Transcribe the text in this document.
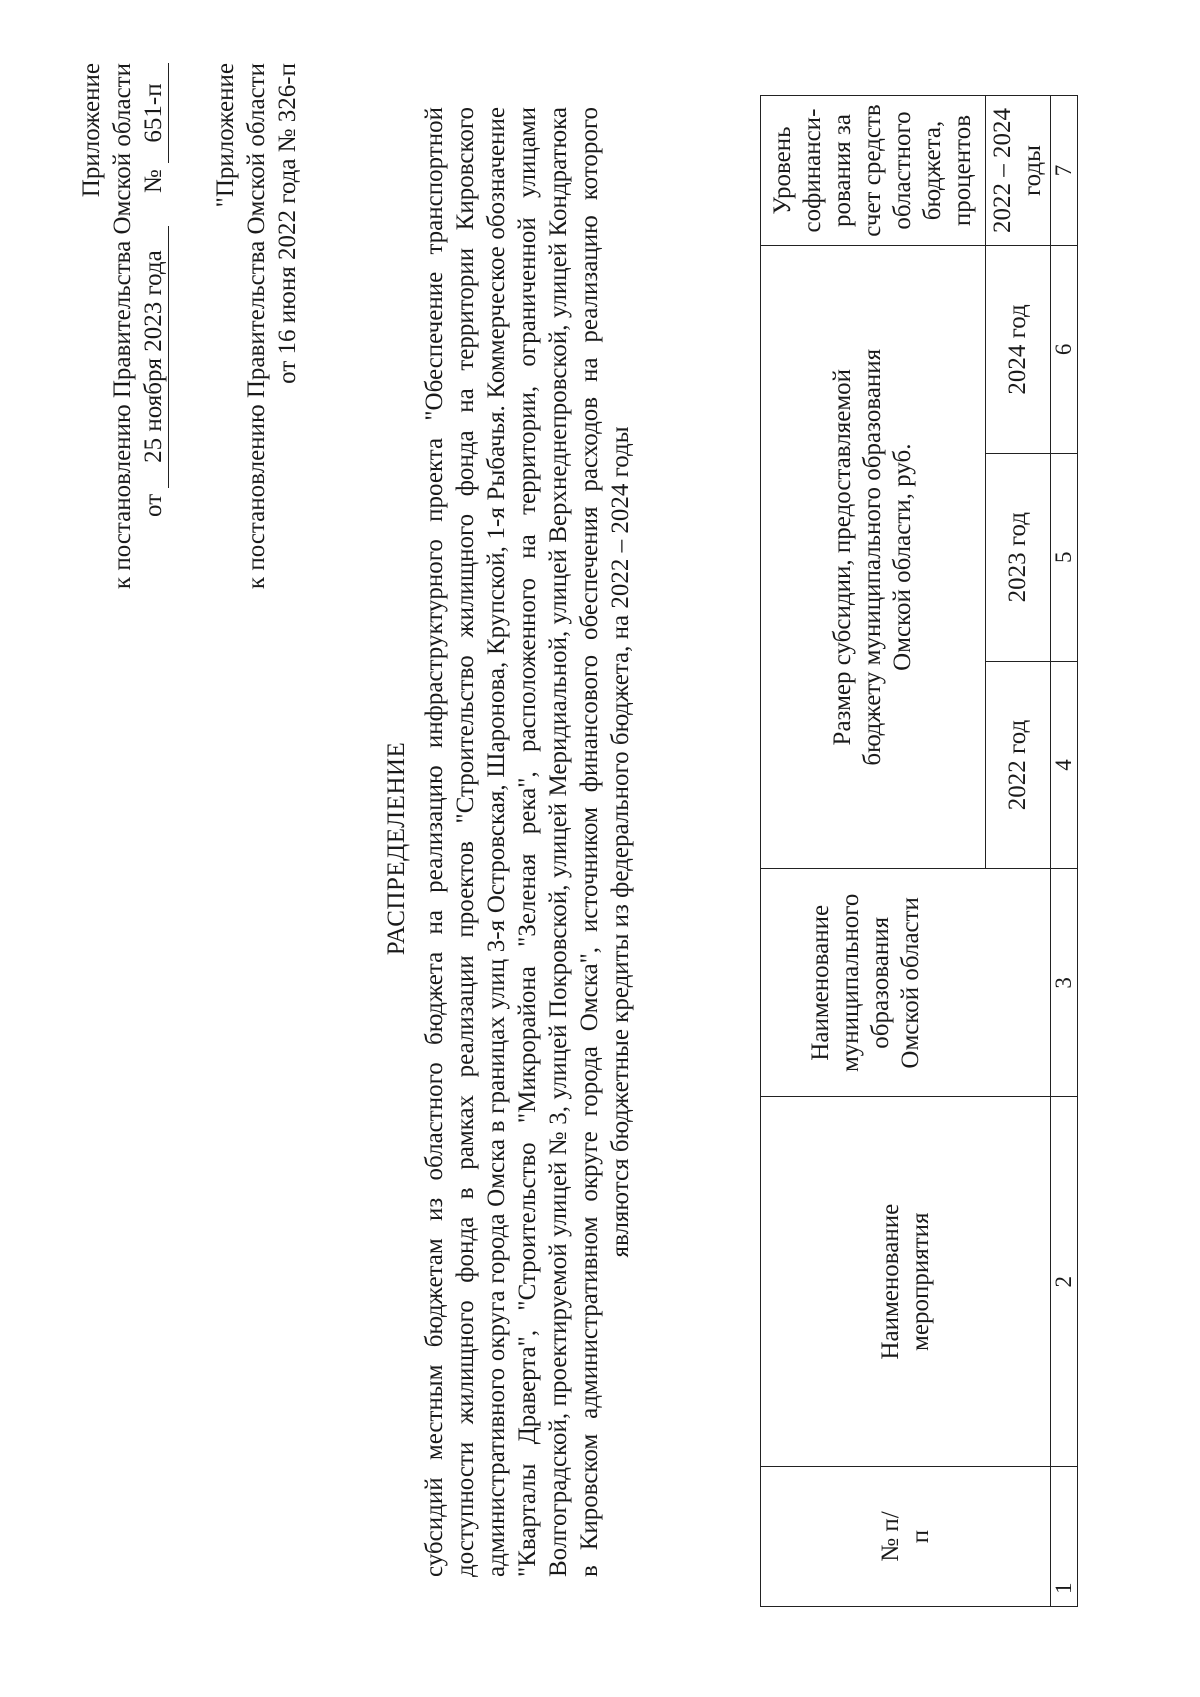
Приложение к постановлению Правительства Омской области от 25 ноября 2023 года  № 651-п "Приложение к постановлению Правительства Омской области от 16 июня 2022 года № 326-п
РАСПРЕДЕЛЕНИЕ субсидий местным бюджетам из областного бюджета на реализацию инфраструктурного проекта "Обеспечение транспортной доступности жилищного фонда в рамках реализации проектов "Строительство жилищного фонда на территории Кировского административного округа города Омска в границах улиц 3-я Островская, Шаронова, Крупской, 1-я Рыбачья. Коммерческое обозначение "Кварталы Драверта", "Строительство "Микрорайона "Зеленая река", расположенного на территории, ограниченной улицами Волгоградской, проектируемой улицей № 3, улицей Покровской, улицей Меридиальной, улицей Верхнеднепровской, улицей Кондратюка в Кировском административном округе города Омска", источником финансового обеспечения расходов на реализацию которого являются бюджетные кредиты из федерального бюджета, на 2022 – 2024 годы
№ п/п	Наименование мероприятия	Наименование муниципального образования Омской области	Размер субсидии, предоставляемой бюджету муниципального образования Омской области, руб.			Уровень софинанси-рования за счет средств областного бюджета, процентов
			2022 год	2023 год	2024 год	2022 – 2024 годы
1	2	3	4	5	6	7
